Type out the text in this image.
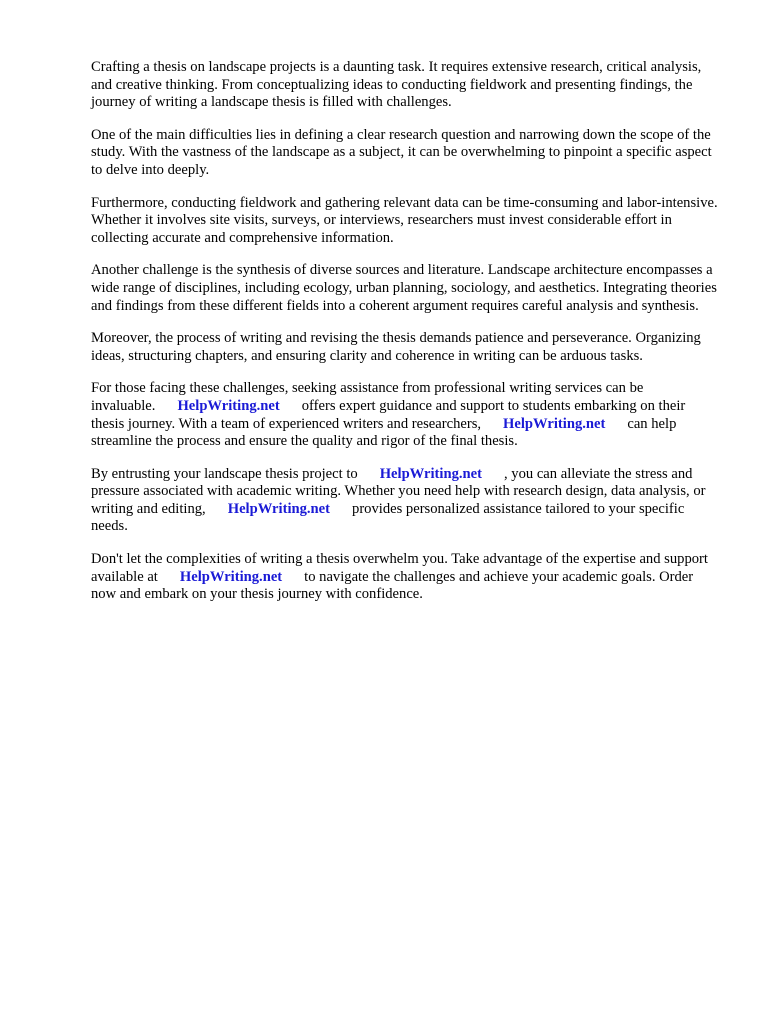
Crafting a thesis on landscape projects is a daunting task. It requires extensive research, critical analysis, and creative thinking. From conceptualizing ideas to conducting fieldwork and presenting findings, the journey of writing a landscape thesis is filled with challenges.

One of the main difficulties lies in defining a clear research question and narrowing down the scope of the study. With the vastness of the landscape as a subject, it can be overwhelming to pinpoint a specific aspect to delve into deeply.

Furthermore, conducting fieldwork and gathering relevant data can be time-consuming and labor-intensive. Whether it involves site visits, surveys, or interviews, researchers must invest considerable effort in collecting accurate and comprehensive information.

Another challenge is the synthesis of diverse sources and literature. Landscape architecture encompasses a wide range of disciplines, including ecology, urban planning, sociology, and aesthetics. Integrating theories and findings from these different fields into a coherent argument requires careful analysis and synthesis.

Moreover, the process of writing and revising the thesis demands patience and perseverance. Organizing ideas, structuring chapters, and ensuring clarity and coherence in writing can be arduous tasks.

For those facing these challenges, seeking assistance from professional writing services can be invaluable. HelpWriting.net offers expert guidance and support to students embarking on their thesis journey. With a team of experienced writers and researchers, HelpWriting.net can help streamline the process and ensure the quality and rigor of the final thesis.

By entrusting your landscape thesis project to HelpWriting.net , you can alleviate the stress and pressure associated with academic writing. Whether you need help with research design, data analysis, or writing and editing, HelpWriting.net provides personalized assistance tailored to your specific needs.

Don't let the complexities of writing a thesis overwhelm you. Take advantage of the expertise and support available at HelpWriting.net to navigate the challenges and achieve your academic goals. Order now and embark on your thesis journey with confidence.
